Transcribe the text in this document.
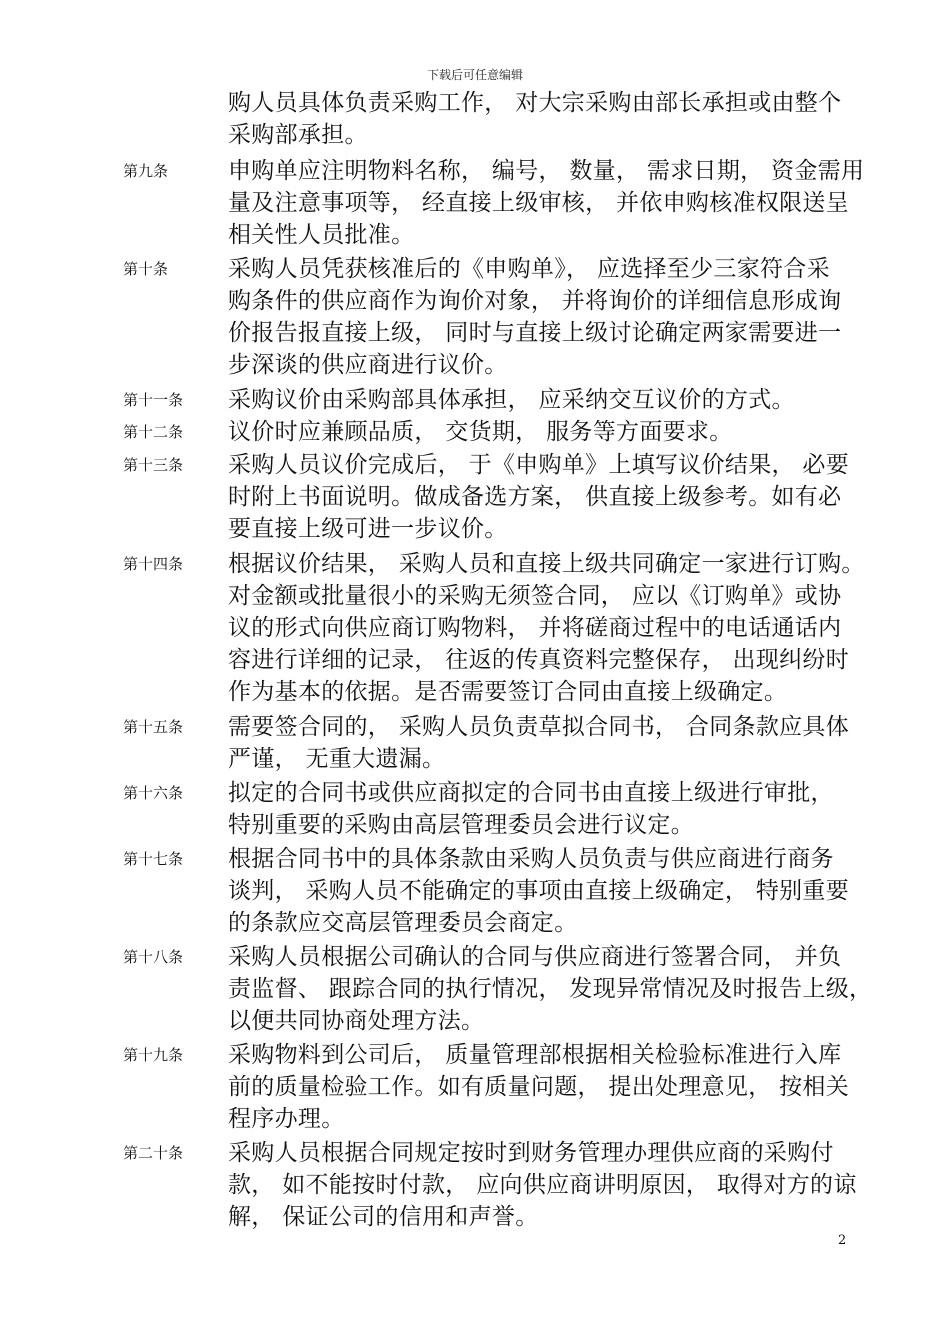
下载后可任意编辑
购人员具体负责采购工作， 对大宗采购由部长承担或由整个
采购部承担。
第九条	申购单应注明物料名称， 编号， 数量， 需求日期， 资金需用
量及注意事项等， 经直接上级审核， 并依申购核准权限送呈
相关性人员批准。
第十条	采购人员凭获核准后的《申购单》， 应选择至少三家符合采
购条件的供应商作为询价对象， 并将询价的详细信息形成询
价报告报直接上级， 同时与直接上级讨论确定两家需要进一
步深谈的供应商进行议价。
第十一条 采购议价由采购部具体承担， 应采纳交互议价的方式。
第十二条 议价时应兼顾品质， 交货期， 服务等方面要求。
第十三条 采购人员议价完成后， 于《申购单》上填写议价结果， 必要
时附上书面说明。做成备选方案， 供直接上级参考。如有必
要直接上级可进一步议价。
第十四条 根据议价结果， 采购人员和直接上级共同确定一家进行订购。
对金额或批量很小的采购无须签合同， 应以《订购单》或协
议的形式向供应商订购物料， 并将磋商过程中的电话通话内
容进行详细的记录， 往返的传真资料完整保存， 出现纠纷时
作为基本的依据。是否需要签订合同由直接上级确定。
第十五条 需要签合同的， 采购人员负责草拟合同书， 合同条款应具体
严谨， 无重大遗漏。
第十六条 拟定的合同书或供应商拟定的合同书由直接上级进行审批，
特别重要的采购由高层管理委员会进行议定。
第十七条 根据合同书中的具体条款由采购人员负责与供应商进行商务
谈判， 采购人员不能确定的事项由直接上级确定， 特别重要
的条款应交高层管理委员会商定。
第十八条 采购人员根据公司确认的合同与供应商进行签署合同， 并负
责监督、 跟踪合同的执行情况， 发现异常情况及时报告上级，
以便共同协商处理方法。
第十九条 采购物料到公司后， 质量管理部根据相关检验标准进行入库
前的质量检验工作。如有质量问题， 提出处理意见， 按相关
程序办理。
第二十条 采购人员根据合同规定按时到财务管理办理供应商的采购付
款， 如不能按时付款， 应向供应商讲明原因， 取得对方的谅
解， 保证公司的信用和声誉。
2
